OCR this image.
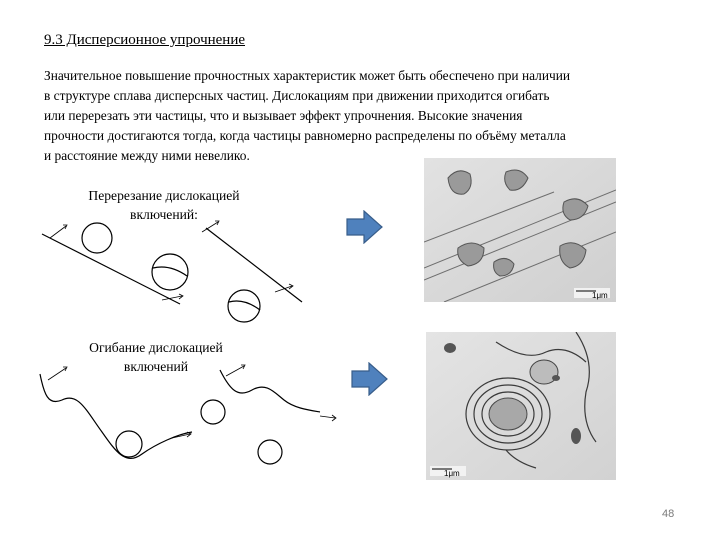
9.3 Дисперсионное упрочнение
Значительное повышение прочностных характеристик может быть обеспечено при наличии
в структуре сплава дисперсных частиц. Дислокациям при движении приходится огибать
или перерезать эти частицы, что и вызывает эффект упрочнения. Высокие значения
прочности достигаются тогда, когда частицы равномерно распределены по объёму металла
и расстояние между ними невелико.
Перерезание дислокацией
включений:
Огибание дислокацией
включений
1μm
1μm
48
